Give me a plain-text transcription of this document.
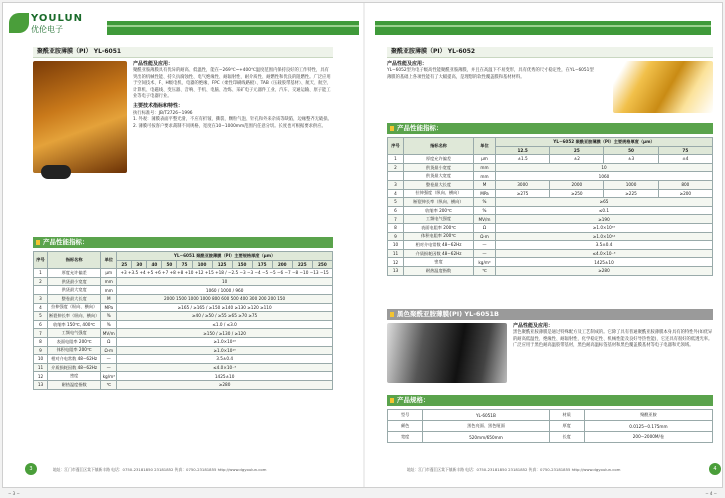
YOULUN
优伦电子
聚酰亚胺薄膜（PI） YL-6051
产品性能及应用：
聚酰亚胺薄膜具有优异的耐高、低温性，能在−269℃~+400℃温度范围内保持良好的工作特性，具有突出的机械性能、持久抗腐蚀性、电气绝缘性、耐辐射性、耐介质性、耐燃性和优良的阻燃性。广泛应用于空间技术、F、H级电机、电器的绝缘、FPC（柔性印刷线路板）、TAB（压载胶带基材）、航天、航空、计算机、电磁线、变压器、音响、手机、电脑、冶炼、采矿电子元器件工业、汽车、交通运输、原子能工业等电子电器行业。
主要技术指标和特性：
执行标准号：JB/T2726−1996
1. 外观：薄膜表面平整光滑，不应有折皱、撕裂、颗粒气泡、针孔和外来杂质等缺陷，边缘整齐无破损。
2. 薄膜可按客户要求裁制不同规格，宽度在10−1000mm范围内任意分切。长度也可根据要求供应。
产品性能指标：
序号	指标名称	单位	YL−6051 聚酰亚胺薄膜（PI）主要规格厚度（μm）											
			25	30	40	50	75	100	125	150	175	200	225	250
1	厚度允许偏差	μm	+3 +3.5 +4 +5 +6 +7 +8 +8 +10 +12 +15 +18 / −2.5 −3 −3 −4 −5 −5 −6 −7 −8 −10 −13 −15											
2	供货最小宽度	mm	10											
	供货最大宽度	mm	1060 / 1000 / 960											
3	整卷最大长度	M	2000 1500 1000 1000 800 600 500 400 300 200 200 150											
4	拉伸强度（纵向、横向）	MPa	≥165 / ≥165 / ≥150 ≥140 ≥130 ≥120 ≥110											
5	断裂伸长率（纵向、横向）	%	≥40 / ≥50 / ≥55 ≥65 ≥70 ≥75											
6	收缩率 150℃, 400℃	%	≤1.0 / ≤3.0											
7	工频电气强度	MV/m	≥150 / ≥130 / ≥120											
8	表面电阻率 200℃	Ω	≥1.0×10¹³											
9	体积电阻率 200℃	Ω·m	≥1.0×10¹⁰											
10	相对介电常数 48−62Hz	—	3.5±0.4											
11	介质损耗因数 48−62Hz	—	≤4.0×10⁻³											
12	密度	kg/m³	1425±10											
13	耐热温度指数	℃	≥280											
地址：江门市蓬江区棠下镇新丰路 电话：0750-23181850 23181852 传真：0750-23181855 http://www.dgyoulun.com
3
聚酰亚胺薄膜（PI） YL-6052
产品性能及应用：
YL−6052型为电子级高性能聚酰亚胺薄膜，并且在高温下不易变形，具有优秀的尺寸稳定性，在YL−6051型薄膜的基础上各项性能有了大幅提高，是理想的软性覆盖膜和基材材料。
产品性能指标：
序号	指标名称	单位	YL−6052 聚酰亚胺薄膜（PI）主要规格厚度（μm）			
			12.5	25	50	75
1	厚度允许偏差	μm	±1.5	±2	±3	±4
2	供货最小宽度	mm	10			
	供货最大宽度	mm	1060			
3	整卷最大长度	M	3000	2000	1000	800
4	拉伸强度（纵向、横向）	MPa	≥275	≥250	≥225	≥200
5	断裂伸长率（纵向、横向）	%	≥65			
6	收缩率 200℃	%	≤0.1			
7	工频电气强度	MV/m	≥190			
8	表面电阻率 200℃	Ω	≥1.0×10¹⁶			
9	体积电阻率 200℃	Ω·m	≥1.0×10¹⁴			
10	相对介电常数 48−62Hz	—	3.5±0.4			
11	介质损耗因数 48−62Hz	—	≤4.0×10⁻³			
12	密度	kg/m³	1425±10			
13	耐热温度指数	℃	≥280			
黑色聚酰亚胺薄膜(PI) YL-6051B
产品性能及应用：
黑色聚酰亚胺薄膜是通过特殊配方及工艺制成的。它除了具有普通聚酰亚胺薄膜本身具有的特性外(如优异的耐高低温性、绝缘性、耐辐射性、化学稳定性、机械性能及良好导热性能)，它还具有很好的低透光率。广泛应用于黑色耐高温胶带基材，黑色耐高温标签基材和黑色覆盖膜基材等电子电器和光领域。
产品规格：
型号	YL-6051B	材质	聚酰亚胺
颜色	黑色亮面、黑色哑面	厚度	0.0125−0.175mm
宽度	520mm/650mm	长度	200−2000M/卷
地址：江门市蓬江区棠下镇新丰路 电话：0750-23181850 23181852 传真：0750-23181855 http://www.dgyoulun.com	4
− 3 −	− 4 −
